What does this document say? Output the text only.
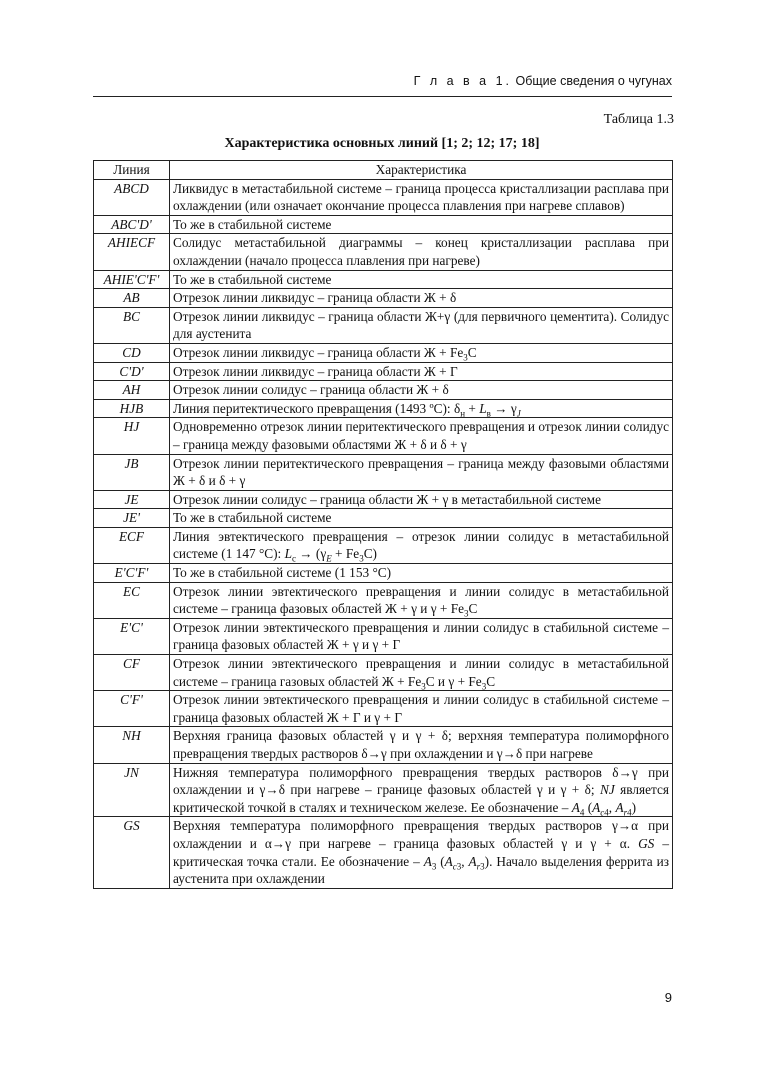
Г л а в а 1. Общие сведения о чугунах
Таблица 1.3
Характеристика основных линий [1; 2; 12; 17; 18]
Линия	Характеристика
ABCD	Ликвидус в метастабильной системе – граница процесса кристаллизации расплава при охлаждении (или означает окончание процесса плавления при нагреве сплавов)
ABC'D'	То же в стабильной системе
AHIECF	Солидус метастабильной диаграммы – конец кристаллизации расплава при охлаждении (начало процесса плавления при нагреве)
AHIE'C'F'	То же в стабильной системе
AB	Отрезок линии ликвидус – граница области Ж + δ
BC	Отрезок линии ликвидус – граница области Ж+γ (для первичного цементита). Солидус для аустенита
CD	Отрезок линии ликвидус – граница области $Ж + Fe_3C$
C'D'	Отрезок линии ликвидус – граница области Ж + Г
AH	Отрезок линии солидус – граница области Ж + δ
HJB	Линия перитектического превращения (1493 ºС): $\delta_н + L_в \to \gamma_J$
HJ	Одновременно отрезок линии перитектического превращения и отрезок линии солидус – граница между фазовыми областями Ж + δ и δ + γ
JB	Отрезок линии перитектического превращения – граница между фазовыми областями Ж + δ и δ + γ
JE	Отрезок линии солидус – граница области Ж + γ в метастабильной системе
JE'	То же в стабильной системе
ECF	Линия эвтектического превращения – отрезок линии солидус в метастабильной системе (1 147 °С): $L_c \to (\gamma_E + Fe_3C)$
E'C'F'	То же в стабильной системе (1 153 °С)
EC	Отрезок линии эвтектического превращения и линии солидус в метастабильной системе – граница фазовых областей Ж + γ и $\gamma + Fe_3C$
E'C'	Отрезок линии эвтектического превращения и линии солидус в стабильной системе – граница фазовых областей Ж + γ и γ + Г
CF	Отрезок линии эвтектического превращения и линии солидус в метастабильной системе – граница газовых областей $Ж + Fe_3C$ и $\gamma + Fe_3C$
C'F'	Отрезок линии эвтектического превращения и линии солидус в стабильной системе – граница фазовых областей Ж + Г и γ + Г
NH	Верхняя граница фазовых областей γ и γ + δ; верхняя температура полиморфного превращения твердых растворов δ→γ при охлаждении и γ→δ при нагреве
JN	Нижняя температура полиморфного превращения твердых растворов δ→γ при охлаждении и γ→δ при нагреве – границе фазовых областей γ и γ + δ; NJ является критической точкой в сталях и техническом железе. Ее обозначение – $A_4$ ($A_{c4}$, $A_{r4}$)
GS	Верхняя температура полиморфного превращения твердых растворов γ→α при охлаждении и α→γ при нагреве – граница фазовых областей γ и γ + α. GS – критическая точка стали. Ее обозначение – $A_3$ ($A_{c3}$, $A_{r3}$). Начало выделения феррита из аустенита при охлаждении
9
